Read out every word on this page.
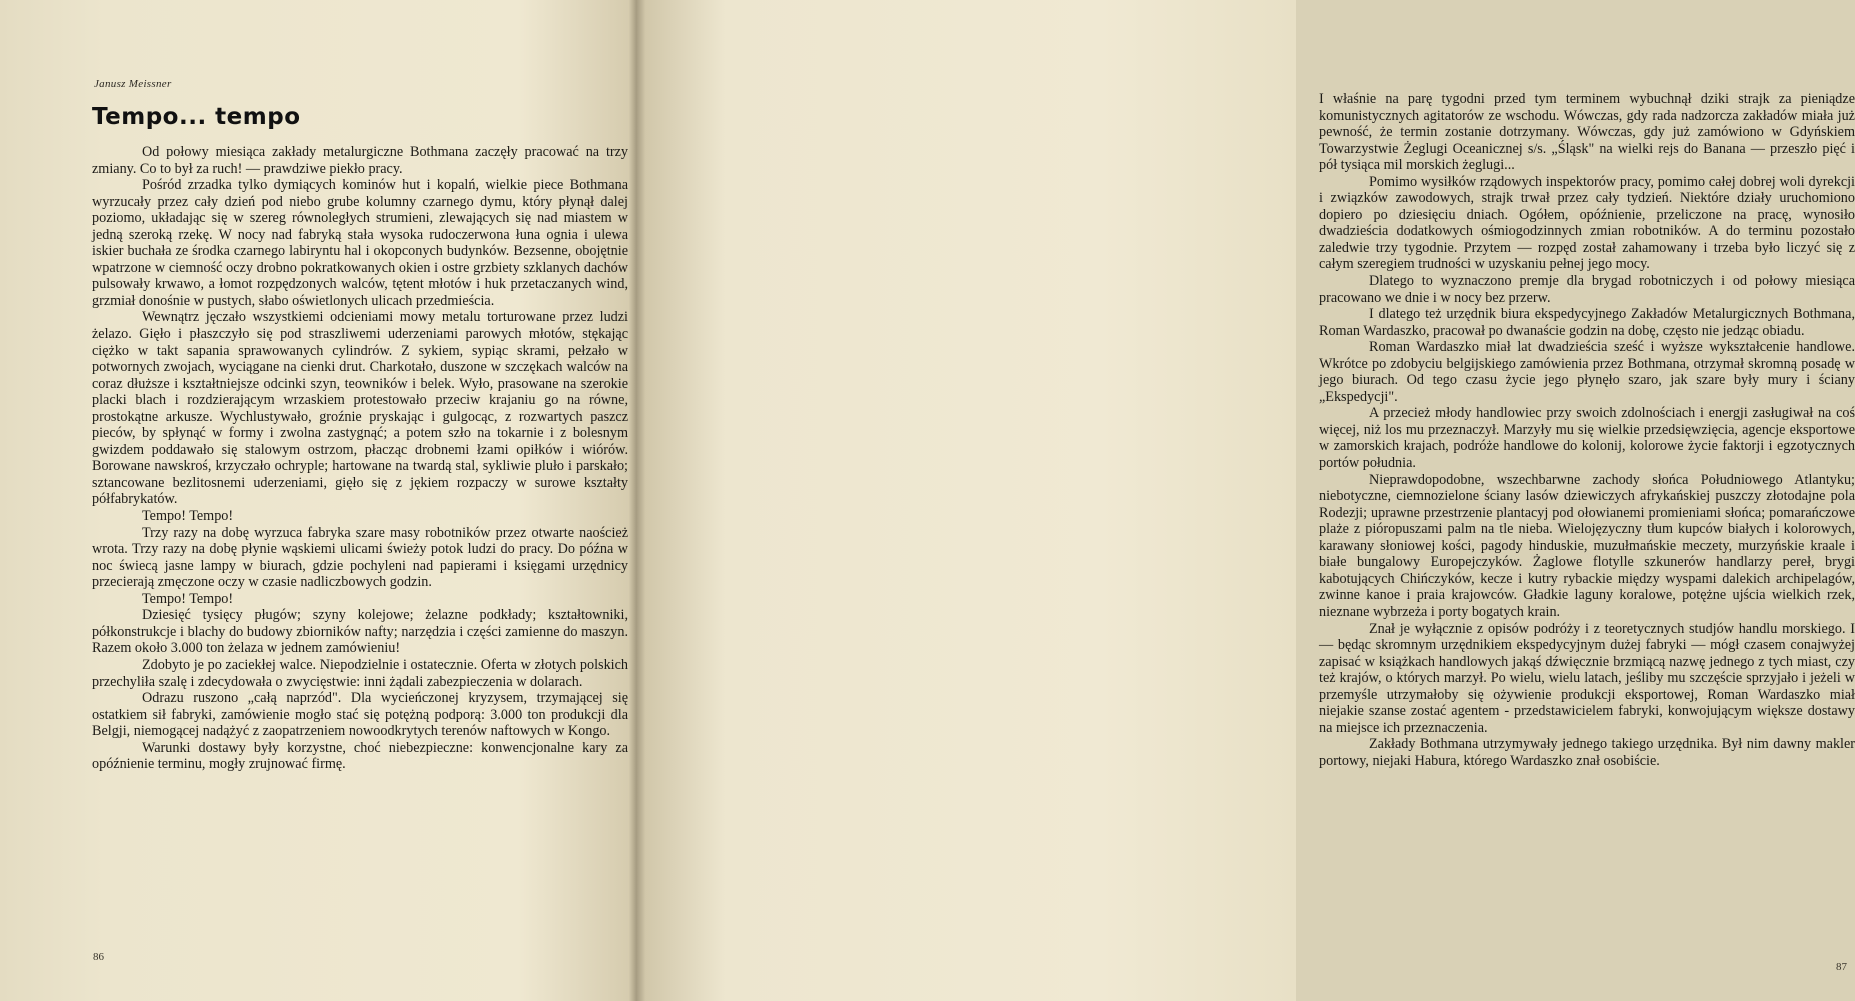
Janusz Meissner
Tempo... tempo

Od połowy miesiąca zakłady metalurgiczne Bothmana zaczęły pracować na trzy zmiany. Co to był za ruch! — prawdziwe piekło pracy.

Pośród zrzadka tylko dymiących kominów hut i kopalń, wielkie piece Bothmana wyrzucały przez cały dzień pod niebo grube kolumny czarnego dymu, który płynął dalej poziomo, układając się w szereg równoległych strumieni, zlewających się nad miastem w jedną szeroką rzekę. W nocy nad fabryką stała wysoka rudoczerwona łuna ognia i ulewa iskier buchała ze środka czarnego labiryntu hal i okopconych budynków. Bezsenne, obojętnie wpatrzone w ciemność oczy drobno pokratkowanych okien i ostre grzbiety szklanych dachów pulsowały krwawo, a łomot rozpędzonych walców, tętent młotów i huk przetaczanych wind, grzmiał donośnie w pustych, słabo oświetlonych ulicach przedmieścia.

Wewnątrz jęczało wszystkiemi odcieniami mowy metalu torturowane przez ludzi żelazo. Gięło i płaszczyło się pod straszliwemi uderzeniami parowych młotów, stękając ciężko w takt sapania sprawowanych cylindrów. Z sykiem, sypiąc skrami, pełzało w potwornych zwojach, wyciągane na cienki drut. Charkotało, duszone w szczękach walców na coraz dłuższe i kształtniejsze odcinki szyn, teowników i belek. Wyło, prasowane na szerokie placki blach i rozdzierającym wrzaskiem protestowało przeciw krajaniu go na równe, prostokątne arkusze. Wychlustywało, groźnie pryskając i gulgocąc, z rozwartych paszcz pieców, by spłynąć w formy i zwolna zastygnąć; a potem szło na tokarnie i z bolesnym gwizdem poddawało się stalowym ostrzom, płacząc drobnemi łzami opiłków i wiórów. Borowane nawskroś, krzyczało ochryple; hartowane na twardą stal, sykliwie pluło i parskało; sztancowane bezlitosnemi uderzeniami, gięło się z jękiem rozpaczy w surowe kształty półfabrykatów.

Tempo! Tempo!

Trzy razy na dobę wyrzuca fabryka szare masy robotników przez otwarte naoścież wrota. Trzy razy na dobę płynie wąskiemi ulicami świeży potok ludzi do pracy. Do późna w noc świecą jasne lampy w biurach, gdzie pochyleni nad papierami i księgami urzędnicy przecierają zmęczone oczy w czasie nadliczbowych godzin.

Tempo! Tempo!

Dziesięć tysięcy pługów; szyny kolejowe; żelazne podkłady; kształtowniki, półkonstrukcje i blachy do budowy zbiorników nafty; narzędzia i części zamienne do maszyn. Razem około 3.000 ton żelaza w jednem zamówieniu!

Zdobyto je po zaciekłej walce. Niepodzielnie i ostatecznie. Oferta w złotych polskich przechyliła szalę i zdecydowała o zwycięstwie: inni żądali zabezpieczenia w dolarach.

Odrazu ruszono „całą naprzód". Dla wycieńczonej kryzysem, trzymającej się ostatkiem sił fabryki, zamówienie mogło stać się potężną podporą: 3.000 ton produkcji dla Belgji, niemogącej nadążyć z zaopatrzeniem nowoodkrytych terenów naftowych w Kongo.

Warunki dostawy były korzystne, choć niebezpieczne: konwencjonalne kary za opóźnienie terminu, mogły zrujnować firmę.

86

I właśnie na parę tygodni przed tym terminem wybuchnął dziki strajk za pieniądze komunistycznych agitatorów ze wschodu. Wówczas, gdy rada nadzorcza zakładów miała już pewność, że termin zostanie dotrzymany. Wówczas, gdy już zamówiono w Gdyńskiem Towarzystwie Żeglugi Oceanicznej s/s. „Śląsk" na wielki rejs do Banana — przeszło pięć i pół tysiąca mil morskich żeglugi...

Pomimo wysiłków rządowych inspektorów pracy, pomimo całej dobrej woli dyrekcji i związków zawodowych, strajk trwał przez cały tydzień. Niektóre działy uruchomiono dopiero po dziesięciu dniach. Ogółem, opóźnienie, przeliczone na pracę, wynosiło dwadzieścia dodatkowych ośmiogodzinnych zmian robotników. A do terminu pozostało zaledwie trzy tygodnie. Przytem — rozpęd został zahamowany i trzeba było liczyć się z całym szeregiem trudności w uzyskaniu pełnej jego mocy.

Dlatego to wyznaczono premje dla brygad robotniczych i od połowy miesiąca pracowano we dnie i w nocy bez przerw.

I dlatego też urzędnik biura ekspedycyjnego Zakładów Metalurgicznych Bothmana, Roman Wardaszko, pracował po dwanaście godzin na dobę, często nie jedząc obiadu.

Roman Wardaszko miał lat dwadzieścia sześć i wyższe wykształcenie handlowe. Wkrótce po zdobyciu belgijskiego zamówienia przez Bothmana, otrzymał skromną posadę w jego biurach. Od tego czasu życie jego płynęło szaro, jak szare były mury i ściany „Ekspedycji".

A przecież młody handlowiec przy swoich zdolnościach i energji zasługiwał na coś więcej, niż los mu przeznaczył. Marzyły mu się wielkie przedsięwzięcia, agencje eksportowe w zamorskich krajach, podróże handlowe do kolonij, kolorowe życie faktorji i egzotycznych portów południa.

Nieprawdopodobne, wszechbarwne zachody słońca Południowego Atlantyku; niebotyczne, ciemnozielone ściany lasów dziewiczych afrykańskiej puszczy złotodajne pola Rodezji; uprawne przestrzenie plantacyj pod ołowianemi promieniami słońca; pomarańczowe plaże z pióropuszami palm na tle nieba. Wielojęzyczny tłum kupców białych i kolorowych, karawany słoniowej kości, pagody hinduskie, muzułmańskie meczety, murzyńskie kraale i białe bungalowy Europejczyków. Żaglowe flotylle szkunerów handlarzy pereł, brygi kabotujących Chińczyków, kecze i kutry rybackie między wyspami dalekich archipelagów, zwinne kanoe i praia krajowców. Gładkie laguny koralowe, potężne ujścia wielkich rzek, nieznane wybrzeża i porty bogatych krain.

Znał je wyłącznie z opisów podróży i z teoretycznych studjów handlu morskiego. I — będąc skromnym urzędnikiem ekspedycyjnym dużej fabryki — mógł czasem conajwyżej zapisać w książkach handlowych jakąś dźwięcznie brzmiącą nazwę jednego z tych miast, czy też krajów, o których marzył. Po wielu, wielu latach, jeśliby mu szczęście sprzyjało i jeżeli w przemyśle utrzymałoby się ożywienie produkcji eksportowej, Roman Wardaszko miał niejakie szanse zostać agentem - przedstawicielem fabryki, konwojującym większe dostawy na miejsce ich przeznaczenia.

Zakłady Bothmana utrzymywały jednego takiego urzędnika. Był nim dawny makler portowy, niejaki Habura, którego Wardaszko znał osobiście.

87
